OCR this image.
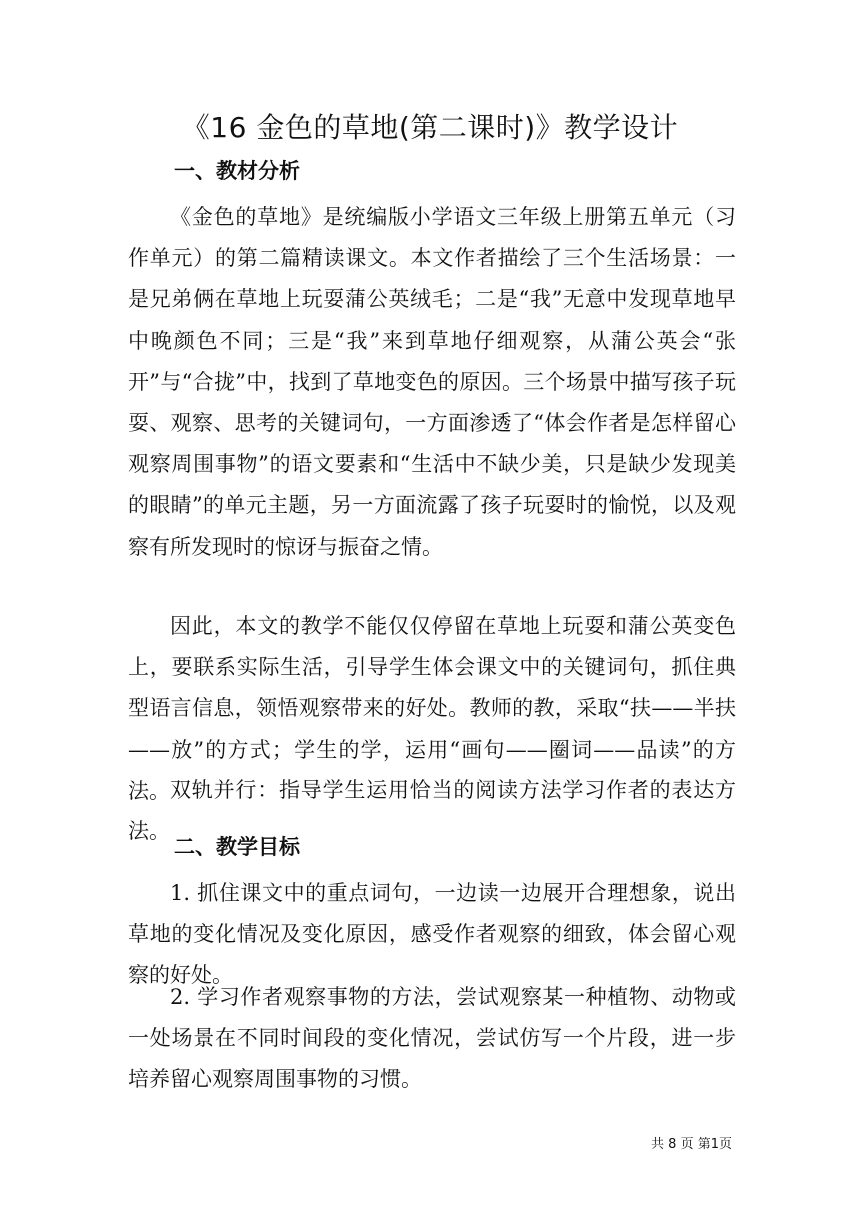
《16 金色的草地(第二课时)》教学设计
一、教材分析

《金色的草地》是统编版小学语文三年级上册第五单元（习作单元）的第二篇精读课文。本文作者描绘了三个生活场景：一是兄弟俩在草地上玩耍蒲公英绒毛；二是“我”无意中发现草地早中晚颜色不同；三是“我”来到草地仔细观察，从蒲公英会“张开”与“合拢”中，找到了草地变色的原因。三个场景中描写孩子玩耍、观察、思考的关键词句，一方面渗透了“体会作者是怎样留心观察周围事物”的语文要素和“生活中不缺少美，只是缺少发现美的眼睛”的单元主题，另一方面流露了孩子玩耍时的愉悦，以及观察有所发现时的惊讶与振奋之情。

因此，本文的教学不能仅仅停留在草地上玩耍和蒲公英变色上，要联系实际生活，引导学生体会课文中的关键词句，抓住典型语言信息，领悟观察带来的好处。教师的教，采取“扶——半扶——放”的方式；学生的学，运用“画句——圈词——品读”的方法。 双轨并行：指导学生运用恰当的阅读方法学习作者的表达方法。

二、教学目标

1. 抓住课文中的重点词句，一边读一边展开合理想象，说出草地的变化情况及变化原因，感受作者观察的细致，体会留心观察的好处。

2. 学习作者观察事物的方法，尝试观察某一种植物、动物或一处场景在不同时间段的变化情况，尝试仿写一个片段，进一步培养留心观察周围事物的习惯。

共 8 页 第1页
